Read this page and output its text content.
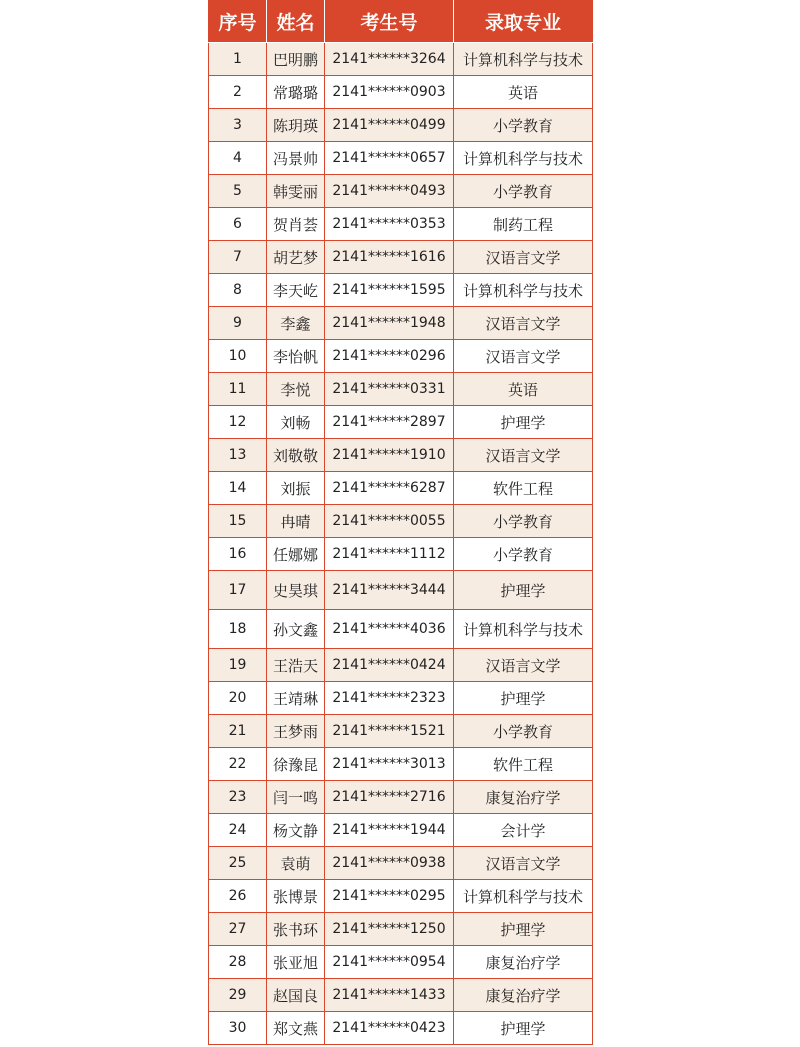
序号	姓名	考生号	录取专业
1	巴明鹏	2141******3264	计算机科学与技术
2	常璐璐	2141******0903	英语
3	陈玥瑛	2141******0499	小学教育
4	冯景帅	2141******0657	计算机科学与技术
5	韩雯丽	2141******0493	小学教育
6	贺肖荟	2141******0353	制药工程
7	胡艺梦	2141******1616	汉语言文学
8	李天屹	2141******1595	计算机科学与技术
9	李鑫	2141******1948	汉语言文学
10	李怡帆	2141******0296	汉语言文学
11	李悦	2141******0331	英语
12	刘畅	2141******2897	护理学
13	刘敬敬	2141******1910	汉语言文学
14	刘振	2141******6287	软件工程
15	冉晴	2141******0055	小学教育
16	任娜娜	2141******1112	小学教育
17	史昊琪	2141******3444	护理学
18	孙文鑫	2141******4036	计算机科学与技术
19	王浩天	2141******0424	汉语言文学
20	王靖琳	2141******2323	护理学
21	王梦雨	2141******1521	小学教育
22	徐豫昆	2141******3013	软件工程
23	闫一鸣	2141******2716	康复治疗学
24	杨文静	2141******1944	会计学
25	袁萌	2141******0938	汉语言文学
26	张博景	2141******0295	计算机科学与技术
27	张书环	2141******1250	护理学
28	张亚旭	2141******0954	康复治疗学
29	赵国良	2141******1433	康复治疗学
30	郑文燕	2141******0423	护理学
